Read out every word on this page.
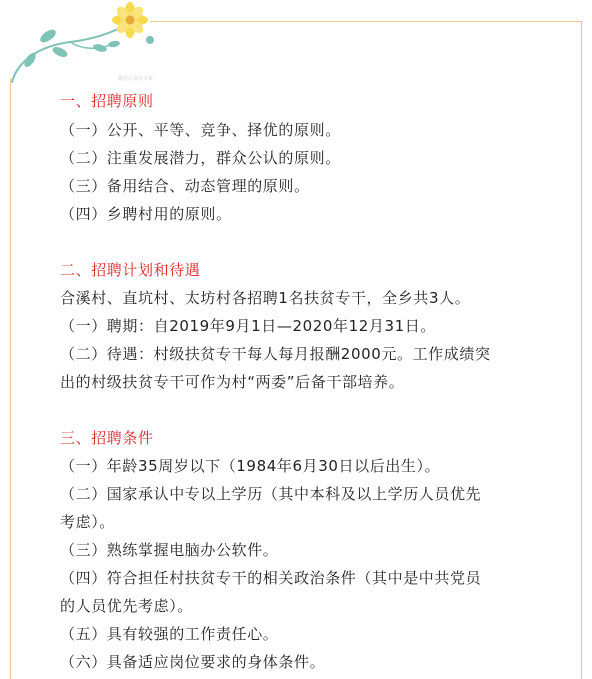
微信公众号文章
一、招聘原则
（一）公开、平等、竞争、择优的原则。
（二）注重发展潜力，群众公认的原则。
（三）备用结合、动态管理的原则。
（四）乡聘村用的原则。
二、招聘计划和待遇
合溪村、直坑村、太坊村各招聘1名扶贫专干，全乡共3人。
（一）聘期：自2019年9月1日—2020年12月31日。
（二）待遇：村级扶贫专干每人每月报酬2000元。工作成绩突
出的村级扶贫专干可作为村“两委”后备干部培养。
三、招聘条件
（一）年龄35周岁以下（1984年6月30日以后出生）。
（二）国家承认中专以上学历（其中本科及以上学历人员优先
考虑）。
（三）熟练掌握电脑办公软件。
（四）符合担任村扶贫专干的相关政治条件（其中是中共党员
的人员优先考虑）。
（五）具有较强的工作责任心。
（六）具备适应岗位要求的身体条件。
